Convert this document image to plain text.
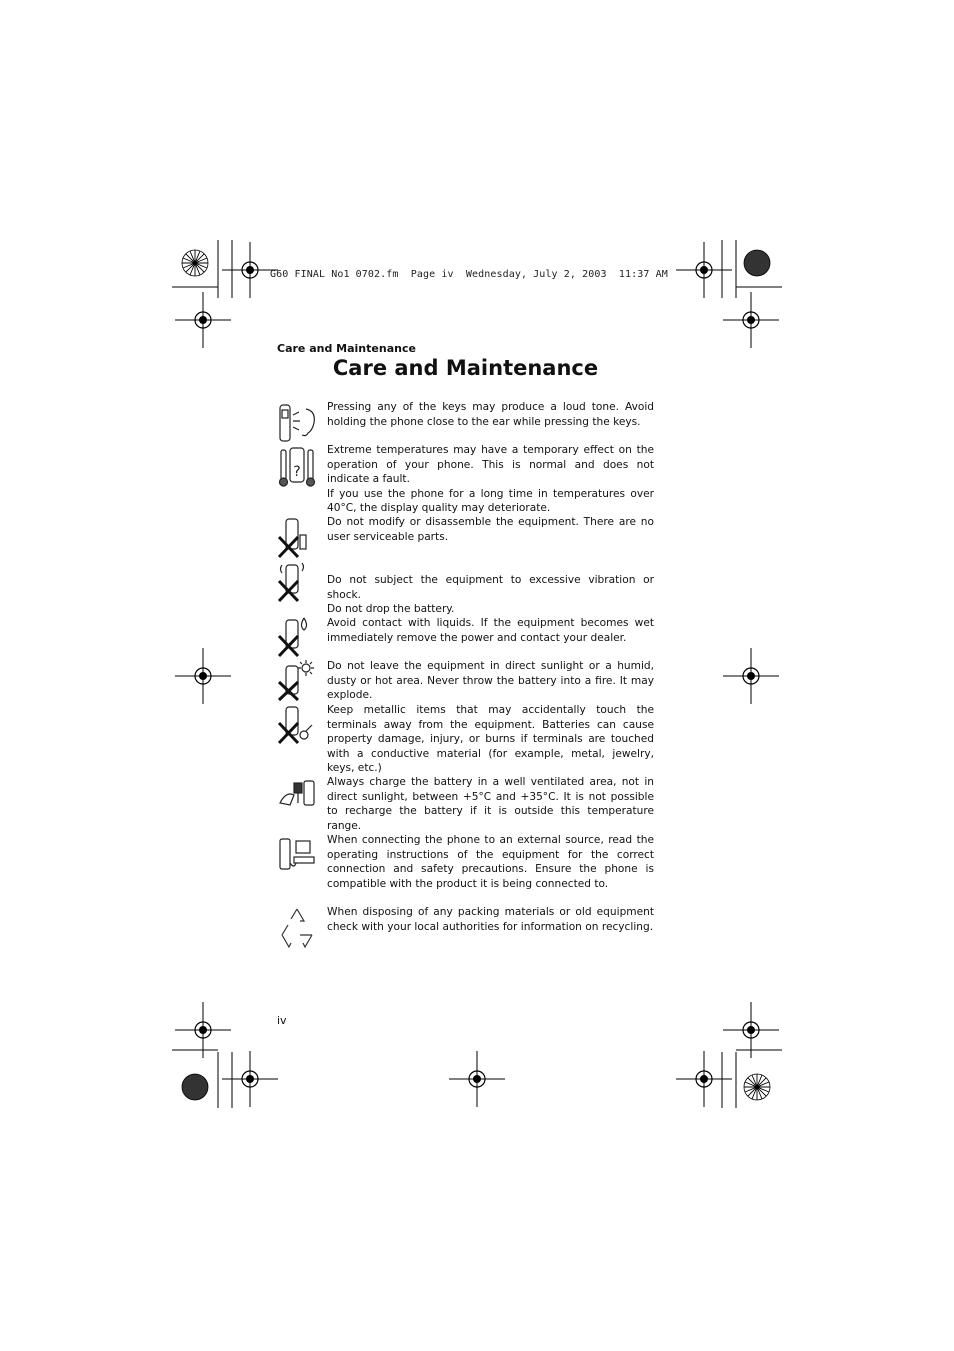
G60 FINAL No1 0702.fm  Page iv  Wednesday, July 2, 2003  11:37 AM
Care and Maintenance
Care and Maintenance
Pressing any of the keys may produce a loud tone. Avoid holding the phone close to the ear while pressing the keys.
?
Extreme temperatures may have a temporary effect on the operation of your phone. This is normal and does not indicate a fault.
If you use the phone for a long time in temperatures over 40°C, the display quality may deteriorate.
Do not modify or disassemble the equipment. There are no user serviceable parts.
Do not subject the equipment to excessive vibration or shock.
Do not drop the battery.
Avoid contact with liquids. If the equipment becomes wet immediately remove the power and contact your dealer.
Do not leave the equipment in direct sunlight or a humid, dusty or hot area. Never throw the battery into a fire. It may explode.
Keep metallic items that may accidentally touch the terminals away from the equipment. Batteries can cause property damage, injury, or burns if terminals are touched with a conductive material (for example, metal, jewelry, keys, etc.)
Always charge the battery in a well ventilated area, not in direct sunlight, between +5°C and +35°C. It is not possible to recharge the battery if it is outside this temperature range.
When connecting the phone to an external source, read the operating instructions of the equipment for the correct connection and safety precautions. Ensure the phone is compatible with the product it is being connected to.
When disposing of any packing materials or old equipment check with your local authorities for information on recycling.
iv
